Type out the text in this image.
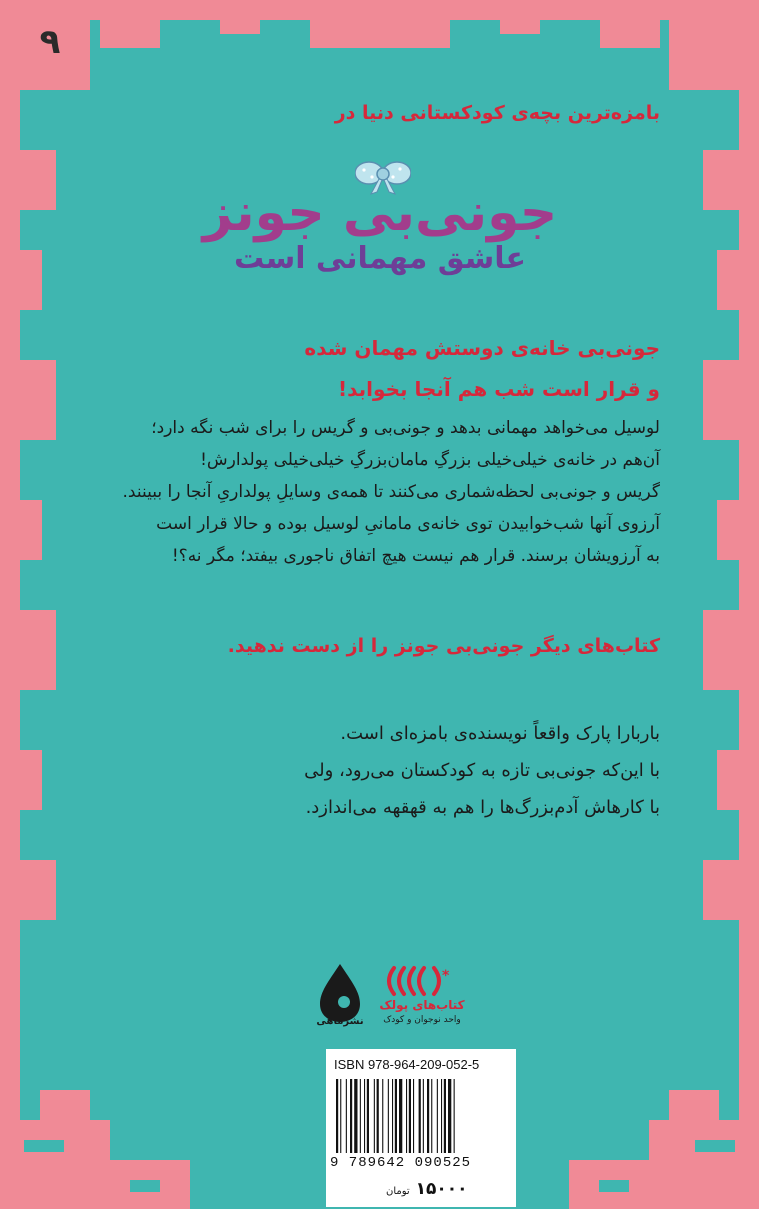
۹
بامزه‌ترین بچه‌ی کودکستانی دنیا در
جونی‌بی جونز
عاشق مهمانی است
جونی‌بی خانه‌ی دوستش مهمان شده
و قرار است شب هم آنجا بخوابد!
لوسیل می‌خواهد مهمانی بدهد و جونی‌بی و گریس را برای شب نگه دارد؛
آن‌هم در خانه‌ی خیلی‌خیلی بزرگِ مامان‌بزرگِ خیلی‌خیلی پولدارش!
گریس و جونی‌بی لحظه‌شماری می‌کنند تا همه‌ی وسایلِ پولداریِ آنجا را ببینند.
آرزوی آنها شب‌خوابیدن توی خانه‌ی مامانیِ لوسیل بوده و حالا قرار است
به آرزویشان برسند. قرار هم نیست هیچ اتفاق ناجوری بیفتد؛ مگر نه؟!
کتاب‌های دیگر جونی‌بی جونز را از دست ندهید.
باربارا پارک واقعاً نویسنده‌ی بامزه‌ای است.
با این‌که جونی‌بی تازه به کودکستان می‌رود، ولی
با کارهاش آدم‌بزرگ‌ها را هم به قهقهه می‌اندازد.
نشرماهی
*
کتاب‌های پولک
واحد نوجوان و کودک
ISBN 978-964-209-052-5
9 789642 090525
۱۵۰۰۰ تومان
